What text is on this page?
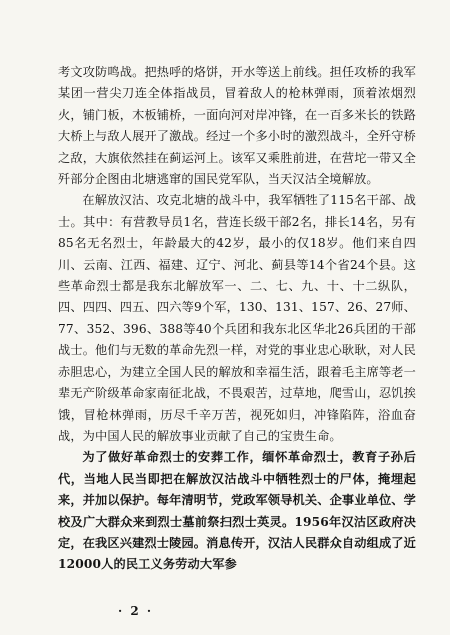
考文攻防鸣战。把热呼的烙饼，开水等送上前线。担任攻桥的我军某团一营尖刀连全体指战员，冒着敌人的枪林弹雨，顶着浓烟烈火，铺门板，木板铺桥，一面向河对岸冲锋，在一百多米长的铁路大桥上与敌人展开了激战。经过一个多小时的激烈战斗，全歼守桥之敌，大旗依然挂在蓟运河上。该军又乘胜前进，在营坨一带又全歼部分企图由北塘逃窜的国民党军队，当天汉沽全境解放。

在解放汉沽、攻克北塘的战斗中，我军牺牲了115名干部、战士。其中：有营教导员1名，营连长级干部2名，排长14名，另有85名无名烈士，年龄最大的42岁，最小的仅18岁。他们来自四川、云南、江西、福建、辽宁、河北、蓟县等14个省24个县。这些革命烈士都是我东北解放军一、二、七、九、十、十二纵队，四、四四、四五、四六等9个军，130、131、157、26、27师、77、352、396、388等40个兵团和我东北区华北26兵团的干部战士。他们与无数的革命先烈一样，对党的事业忠心耿耿，对人民赤胆忠心，为建立全国人民的解放和幸福生活，跟着毛主席等老一辈无产阶级革命家南征北战，不畏艰苦，过草地，爬雪山，忍饥挨饿，冒枪林弹雨，历尽千辛万苦，视死如归，冲锋陷阵，浴血奋战，为中国人民的解放事业贡献了自己的宝贵生命。

为了做好革命烈士的安葬工作，缅怀革命烈士，教育子孙后代，当地人民当即把在解放汉沽战斗中牺牲烈士的尸体，掩埋起来，并加以保护。每年清明节，党政军领导机关、企事业单位、学校及广大群众来到烈士墓前祭扫烈士英灵。1956年汉沽区政府决定，在我区兴建烈士陵园。消息传开，汉沽人民群众自动组成了近12000人的民工义务劳动大军参

· 2 ·
